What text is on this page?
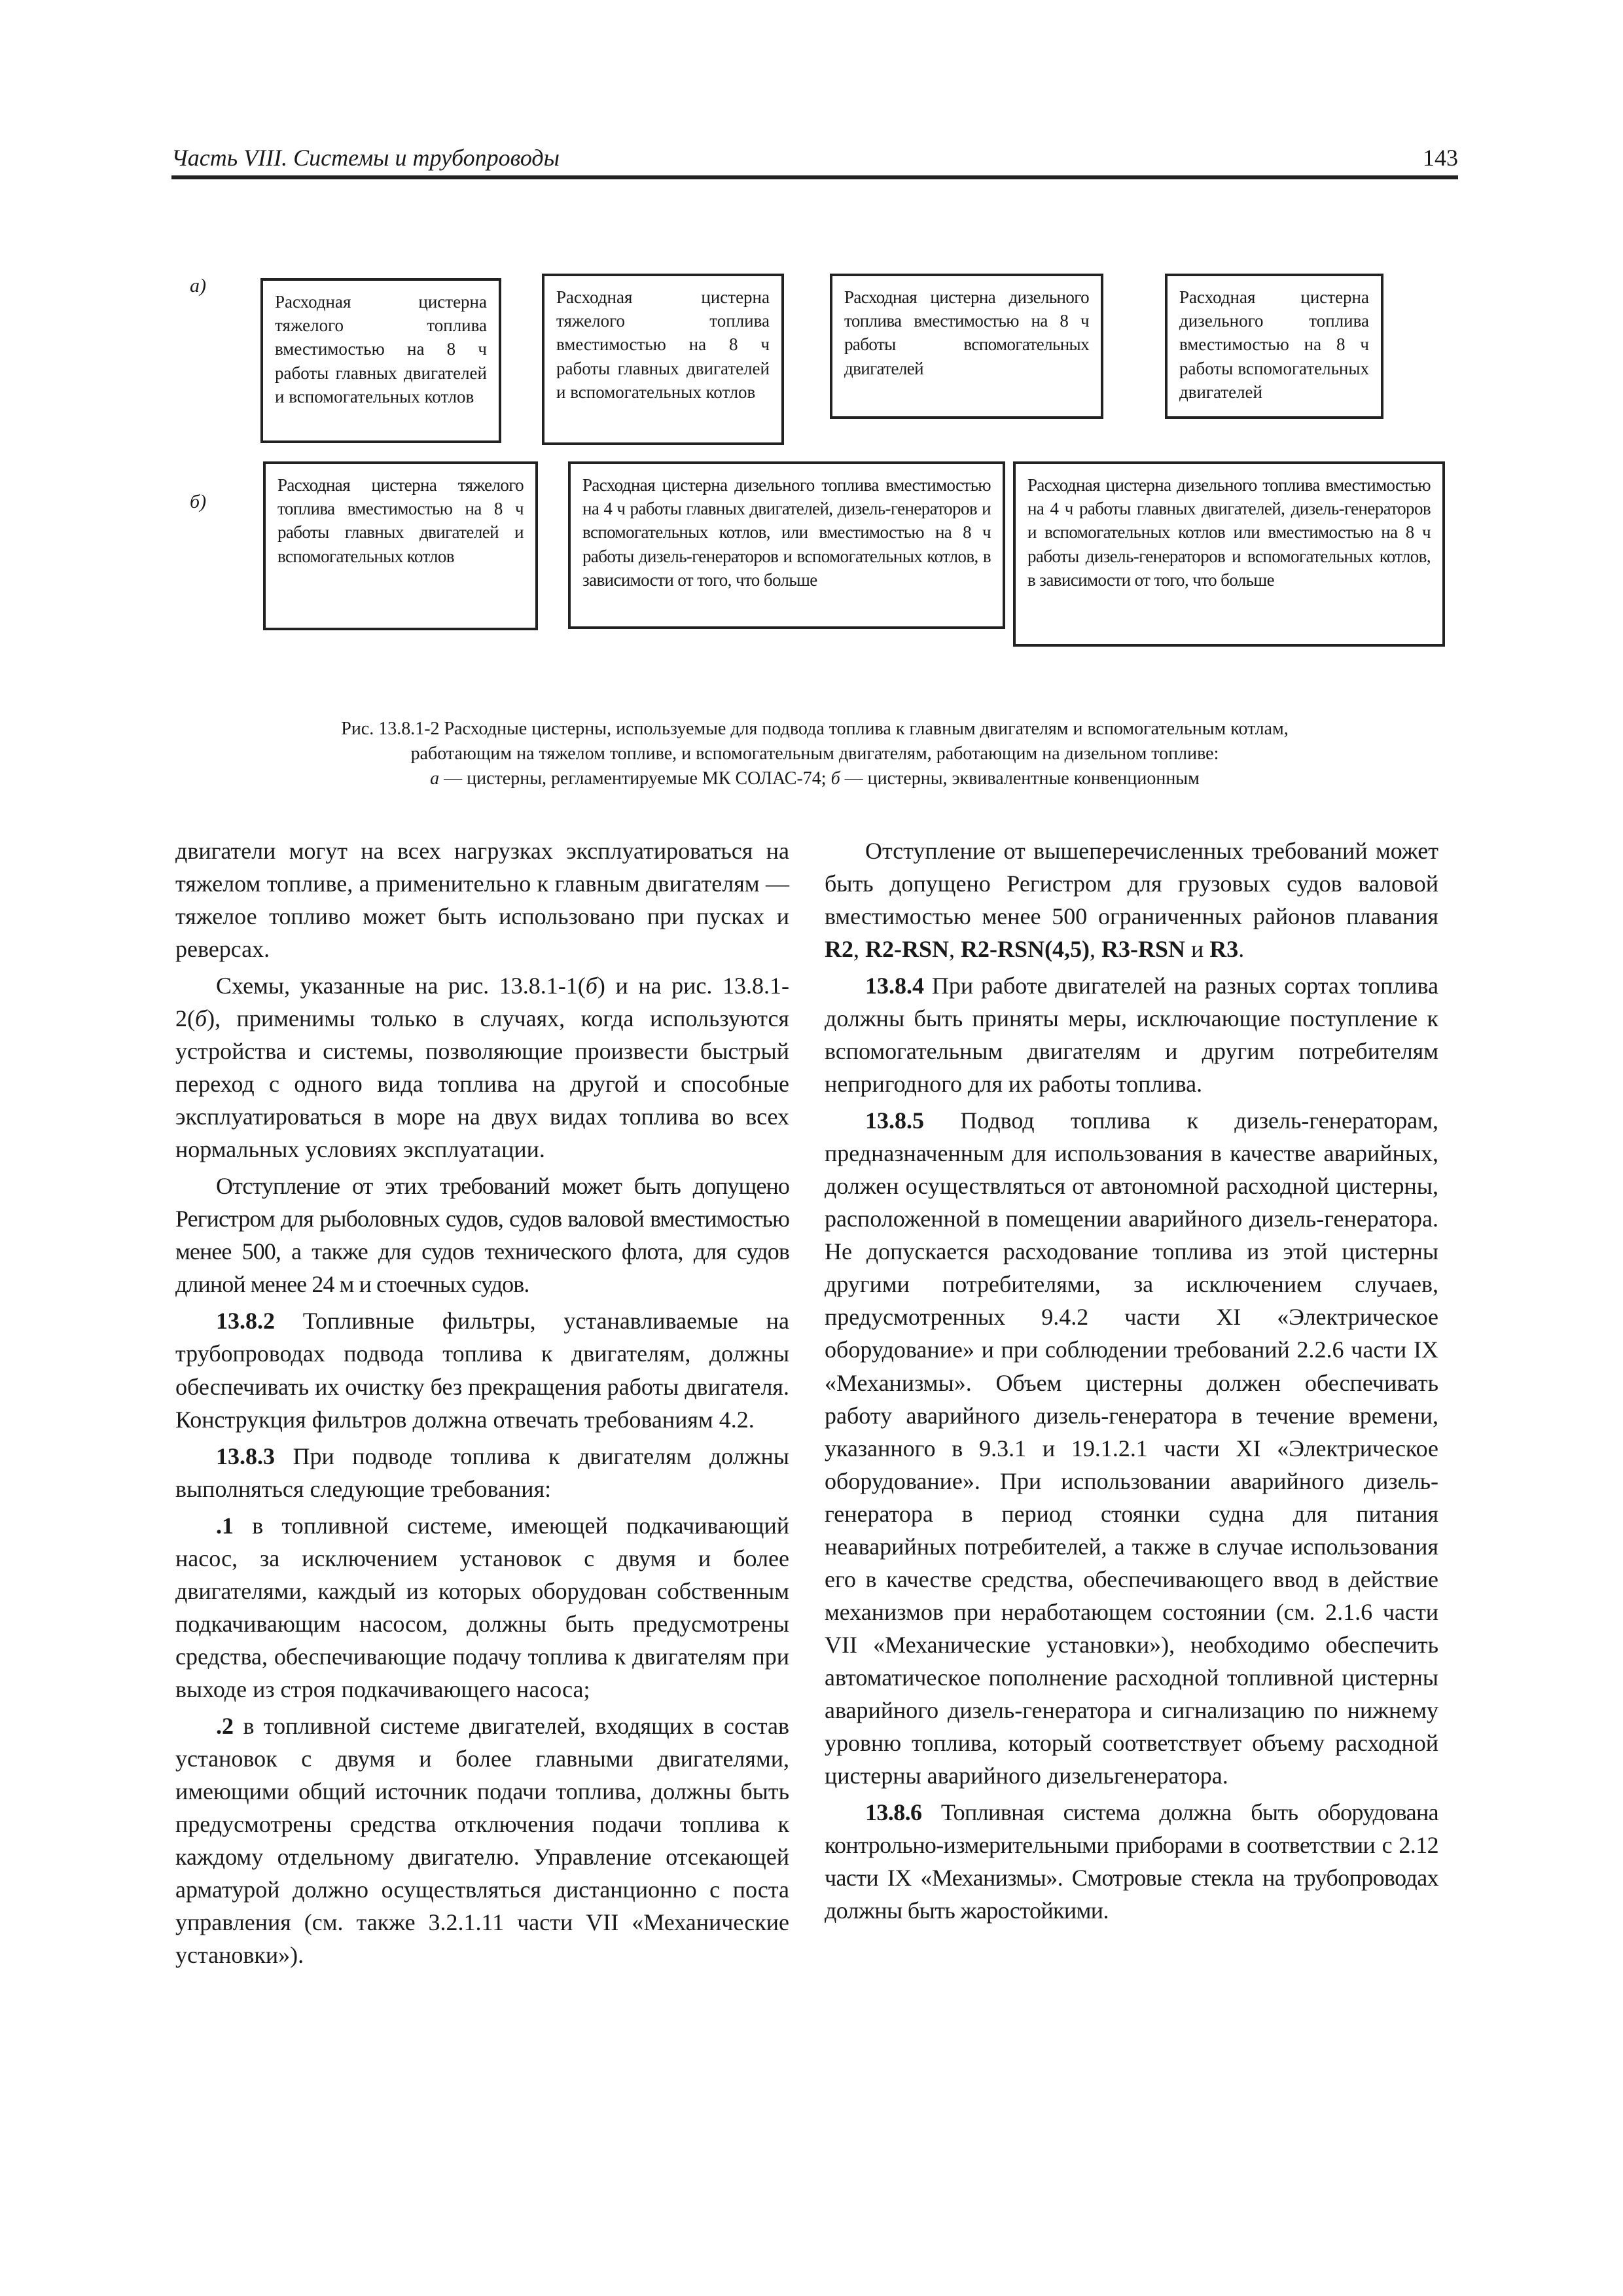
Часть VIII. Системы и трубопроводы	143
а)
Расходная цистерна тяжелого топлива вместимостью на 8 ч работы главных двигателей и вспомогательных котлов
Расходная цистерна тяжелого топлива вместимостью на 8 ч работы главных двигателей и вспомогательных котлов
Расходная цистерна дизельного топлива вместимостью на 8 ч работы вспомогательных двигателей
Расходная цистерна дизельного топлива вместимостью на 8 ч работы вспомогательных двигателей
б)
Расходная цистерна тяжелого топлива вместимостью на 8 ч работы главных двигателей и вспомогательных котлов
Расходная цистерна дизельного топлива вместимостью на 4 ч работы главных двигателей, дизель-генераторов и вспомогательных котлов, или вместимостью на 8 ч работы дизель-генераторов и вспомогательных котлов, в зависимости от того, что больше
Расходная цистерна дизельного топлива вместимостью на 4 ч работы главных двигателей, дизель-генераторов и вспомогательных котлов или вместимостью на 8 ч работы дизель-генераторов и вспомогательных котлов, в зависимости от того, что больше

Рис. 13.8.1-2 Расходные цистерны, используемые для подвода топлива к главным двигателям и вспомогательным котлам,

работающим на тяжелом топливе, и вспомогательным двигателям, работающим на дизельном топливе:

а — цистерны, регламентируемые МК СОЛАС-74; б — цистерны, эквивалентные конвенционным

двигатели могут на всех нагрузках эксплуатироваться на тяжелом топливе, а применительно к главным двигателям — тяжелое топливо может быть использовано при пусках и реверсах.

Схемы, указанные на рис. 13.8.1-1(б) и на рис. 13.8.1-2(б), применимы только в случаях, когда используются устройства и системы, позволяющие произвести быстрый переход с одного вида топлива на другой и способные эксплуатироваться в море на двух видах топлива во всех нормальных условиях эксплуатации.

Отступление от этих требований может быть допущено Регистром для рыболовных судов, судов валовой вместимостью менее 500, а также для судов технического флота, для судов длиной менее 24 м и стоечных судов.

13.8.2 Топливные фильтры, устанавливаемые на трубопроводах подвода топлива к двигателям, должны обеспечивать их очистку без прекращения работы двигателя. Конструкция фильтров должна отвечать требованиям 4.2.

13.8.3 При подводе топлива к двигателям должны выполняться следующие требования:

.1 в топливной системе, имеющей подкачивающий насос, за исключением установок с двумя и более двигателями, каждый из которых оборудован собственным подкачивающим насосом, должны быть предусмотрены средства, обеспечивающие подачу топлива к двигателям при выходе из строя подкачивающего насоса;

.2 в топливной системе двигателей, входящих в состав установок с двумя и более главными двигателями, имеющими общий источник подачи топлива, должны быть предусмотрены средства отключения подачи топлива к каждому отдельному двигателю. Управление отсекающей арматурой должно осуществляться дистанционно с поста управления (см. также 3.2.1.11 части VII «Механические установки»).

Отступление от вышеперечисленных требований может быть допущено Регистром для грузовых судов валовой вместимостью менее 500 ограниченных районов плавания R2, R2-RSN, R2-RSN(4,5), R3-RSN и R3.

13.8.4 При работе двигателей на разных сортах топлива должны быть приняты меры, исключающие поступление к вспомогательным двигателям и другим потребителям непригодного для их работы топлива.

13.8.5 Подвод топлива к дизель-генераторам, предназначенным для использования в качестве аварийных, должен осуществляться от автономной расходной цистерны, расположенной в помещении аварийного дизель-генератора. Не допускается расходование топлива из этой цистерны другими потребителями, за исключением случаев, предусмотренных 9.4.2 части XI «Электрическое оборудование» и при соблюдении требований 2.2.6 части IX «Механизмы». Объем цистерны должен обеспечивать работу аварийного дизель-генератора в течение времени, указанного в 9.3.1 и 19.1.2.1 части XI «Электрическое оборудование». При использовании аварийного дизель-генератора в период стоянки судна для питания неаварийных потребителей, а также в случае использования его в качестве средства, обеспечивающего ввод в действие механизмов при неработающем состоянии (см. 2.1.6 части VII «Механические установки»), необходимо обеспечить автоматическое пополнение расходной топливной цистерны аварийного дизель-генератора и сигнализацию по нижнему уровню топлива, который соответствует объему расходной цистерны аварийного дизельгенератора.

13.8.6 Топливная система должна быть оборудована контрольно-измерительными приборами в соответствии с 2.12 части IX «Механизмы». Смотровые стекла на трубопроводах должны быть жаростойкими.
